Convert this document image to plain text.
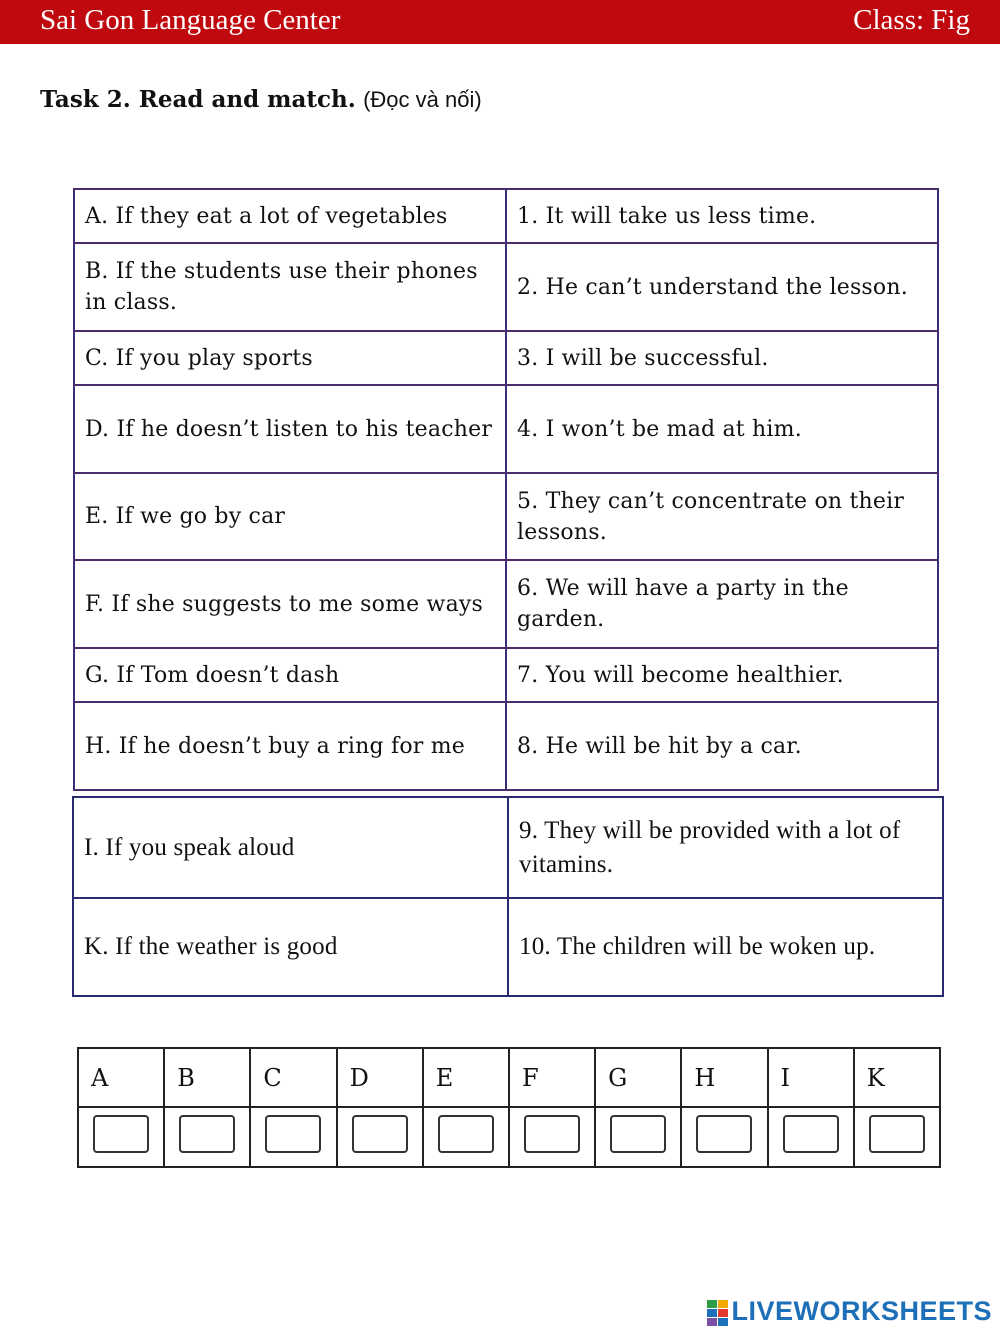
Sai Gon Language Center	Class: Fig
Task 2. Read and match. (Đọc và nối)
A. If they eat a lot of vegetables	1. It will take us less time.
B. If the students use their phones in class.	2. He can’t understand the lesson.
C. If you play sports	3. I will be successful.
D. If he doesn’t listen to his teacher	4. I won’t be mad at him.
E. If we go by car	5. They can’t concentrate on their lessons.
F. If she suggests to me some ways	6. We will have a party in the garden.
G. If Tom doesn’t dash	7. You will become healthier.
H. If he doesn’t buy a ring for me	8. He will be hit by a car.
I. If you speak aloud	9. They will be provided with a lot of vitamins.
K. If the weather is good	10. The children will be woken up.
A	B	C	D	E	F	G	H	I	K

LIVEWORKSHEETS
